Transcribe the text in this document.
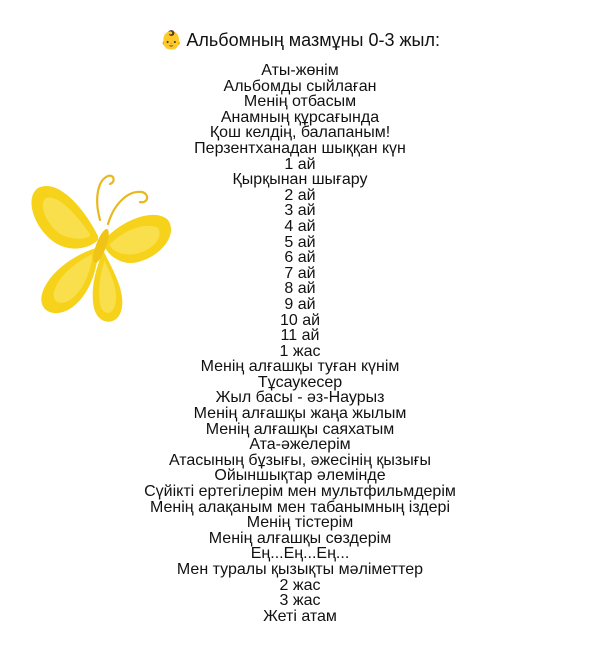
👶 Альбомның мазмұны 0-3 жыл:
Аты-жөнім
Альбомды сыйлаған
Менің отбасым
Анамның құрсағында
Қош келдің, балапаным!
Перзентханадан шыққан күн
1 ай
Қырқынан шығару
2 ай
3 ай
4 ай
5 ай
6 ай
7 ай
8 ай
9 ай
10 ай
11 ай
1 жас
Менің алғашқы туған күнім
Тұсаукесер
Жыл басы - әз-Наурыз
Менің алғашқы жаңа жылым
Менің алғашқы саяхатым
Ата-әжелерім
Атасының бұзығы, әжесінің қызығы
Ойыншықтар әлемінде
Сүйікті ертегілерім мен мультфильмдерім
Менің алақаным мен табанымның іздері
Менің тістерім
Менің алғашқы сөздерім
Ең...Ең...Ең...
Мен туралы қызықты мәліметтер
2 жас
3 жас
Жеті атам
